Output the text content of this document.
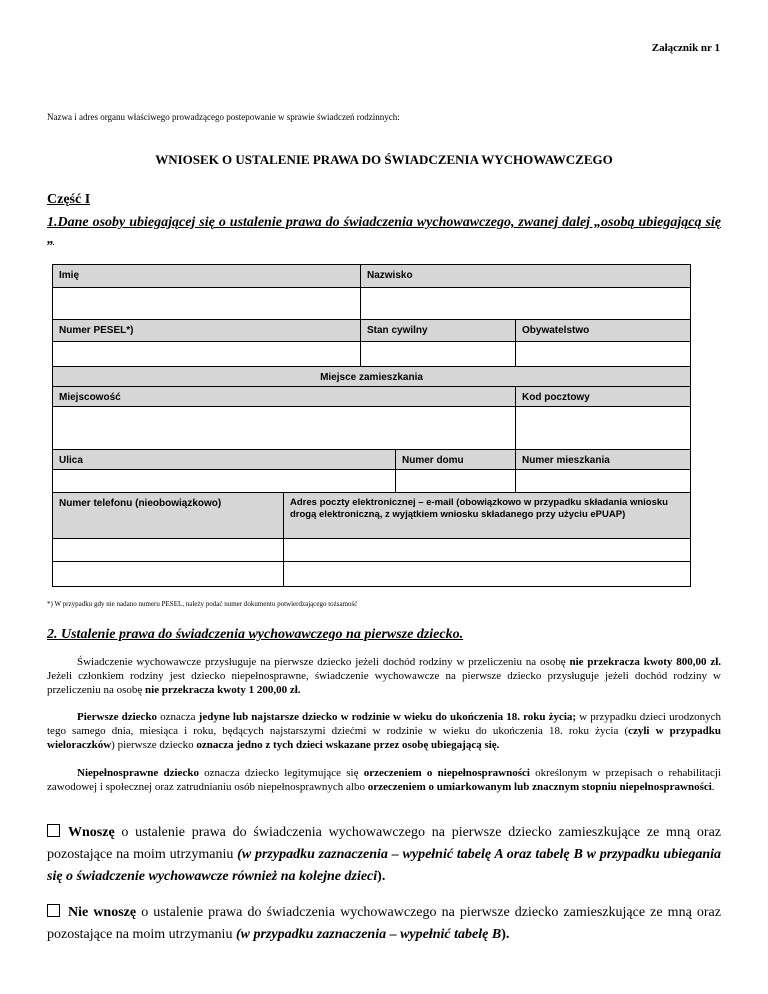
Załącznik nr 1
Nazwa i adres organu właściwego prowadzącego postepowanie w sprawie świadczeń rodzinnych:
WNIOSEK O USTALENIE PRAWA DO ŚWIADCZENIA WYCHOWAWCZEGO
Część I
1.Dane osoby ubiegającej się o ustalenie prawa do świadczenia wychowawczego, zwanej dalej „osobą ubiegającą się „
Imię	Nazwisko
Numer PESEL*)	Stan cywilny	Obywatelstwo
Miejsce zamieszkania
Miejscowość	Kod pocztowy
Ulica	Numer domu	Numer mieszkania
Numer telefonu (nieobowiązkowo)	Adres poczty elektronicznej – e-mail (obowiązkowo w przypadku składania wniosku drogą elektroniczną, z wyjątkiem wniosku składanego przy użyciu ePUAP)
*) W przypadku gdy nie nadano numeru PESEL, należy podać numer dokumentu potwierdzającego tożsamość
2. Ustalenie prawa do świadczenia wychowawczego na pierwsze dziecko.
Świadczenie wychowawcze przysługuje na pierwsze dziecko jeżeli dochód rodziny w przeliczeniu na osobę nie przekracza kwoty 800,00 zł. Jeżeli członkiem rodziny jest dziecko niepełnosprawne, świadczenie wychowawcze na pierwsze dziecko przysługuje jeżeli dochód rodziny w przeliczeniu na osobę nie przekracza kwoty 1 200,00 zł.
Pierwsze dziecko oznacza jedyne lub najstarsze dziecko w rodzinie w wieku do ukończenia 18. roku życia; w przypadku dzieci urodzonych tego samego dnia, miesiąca i roku, będących najstarszymi dziećmi w rodzinie w wieku do ukończenia 18. roku życia (czyli w przypadku wieloraczków) pierwsze dziecko oznacza jedno z tych dzieci wskazane przez osobę ubiegającą się.
Niepełnosprawne dziecko oznacza dziecko legitymujące się orzeczeniem o niepełnosprawności określonym w przepisach o rehabilitacji zawodowej i społecznej oraz zatrudnianiu osób niepełnosprawnych albo orzeczeniem o umiarkowanym lub znacznym stopniu niepełnosprawności.
Wnoszę o ustalenie prawa do świadczenia wychowawczego na pierwsze dziecko zamieszkujące ze mną oraz pozostające na moim utrzymaniu (w przypadku zaznaczenia – wypełnić tabelę A oraz tabelę B w przypadku ubiegania się o świadczenie wychowawcze również na kolejne dzieci).
Nie wnoszę o ustalenie prawa do świadczenia wychowawczego na pierwsze dziecko zamieszkujące ze mną oraz pozostające na moim utrzymaniu (w przypadku zaznaczenia – wypełnić tabelę B).
